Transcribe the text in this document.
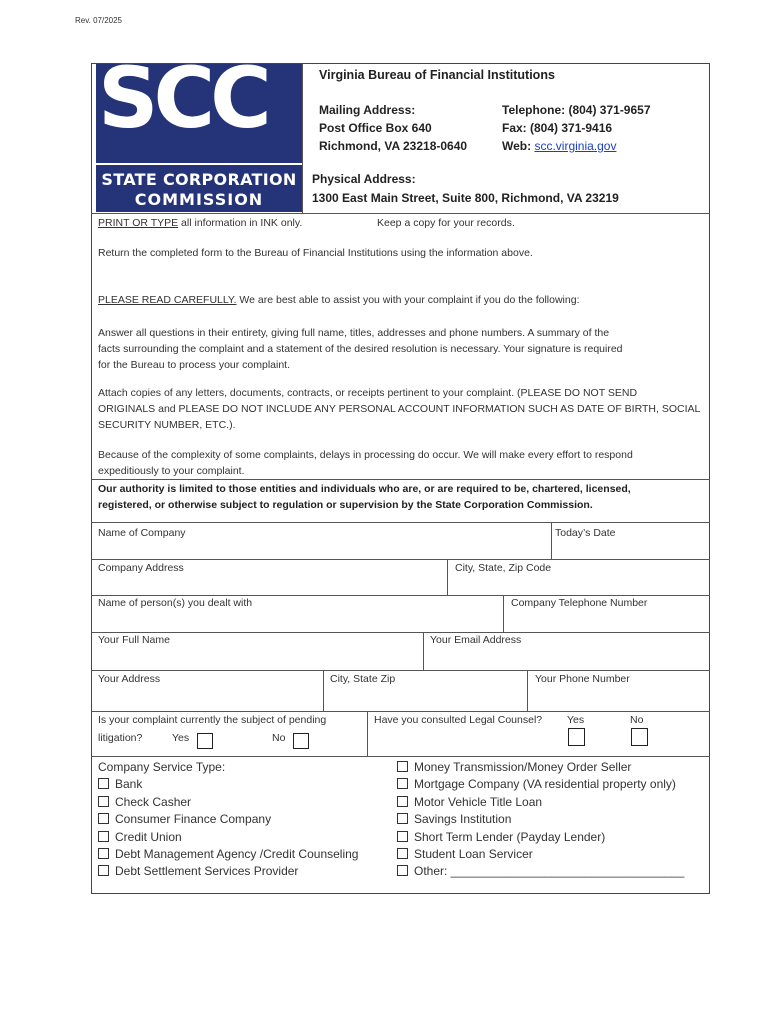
Rev. 07/2025
SCC
STATE CORPORATION
COMMISSION
Virginia Bureau of Financial Institutions
Mailing Address:
Post Office Box 640
Richmond, VA 23218-0640
Telephone: (804) 371-9657
Fax: (804) 371-9416
Web: scc.virginia.gov
Physical Address:
1300 East Main Street, Suite 800, Richmond, VA 23219
PRINT OR TYPE all information in INK only.	Keep a copy for your records.
Return the completed form to the Bureau of Financial Institutions using the information above.
PLEASE READ CAREFULLY. We are best able to assist you with your complaint if you do the following:
Answer all questions in their entirety, giving full name, titles, addresses and phone numbers. A summary of the
facts surrounding the complaint and a statement of the desired resolution is necessary. Your signature is required
for the Bureau to process your complaint.
Attach copies of any letters, documents, contracts, or receipts pertinent to your complaint. (PLEASE DO NOT SEND
ORIGINALS and PLEASE DO NOT INCLUDE ANY PERSONAL ACCOUNT INFORMATION SUCH AS DATE OF BIRTH, SOCIAL
SECURITY NUMBER, ETC.).
Because of the complexity of some complaints, delays in processing do occur. We will make every effort to respond
expeditiously to your complaint.
Our authority is limited to those entities and individuals who are, or are required to be, chartered, licensed,
registered, or otherwise subject to regulation or supervision by the State Corporation Commission.
Name of Company	Today’s Date
Company Address	City, State, Zip Code
Name of person(s) you dealt with	Company Telephone Number
Your Full Name	Your Email Address
Your Address	City, State Zip	Your Phone Number
Is your complaint currently the subject of pending
litigation?	Yes	No
Have you consulted Legal Counsel? Yes	No
Company Service Type:
Bank
Check Casher
Consumer Finance Company
Credit Union
Debt Management Agency /Credit Counseling
Debt Settlement Services Provider
Money Transmission/Money Order Seller
Mortgage Company (VA residential property only)
Motor Vehicle Title Loan
Savings Institution
Short Term Lender (Payday Lender)
Student Loan Servicer
Other: ___________________________________
